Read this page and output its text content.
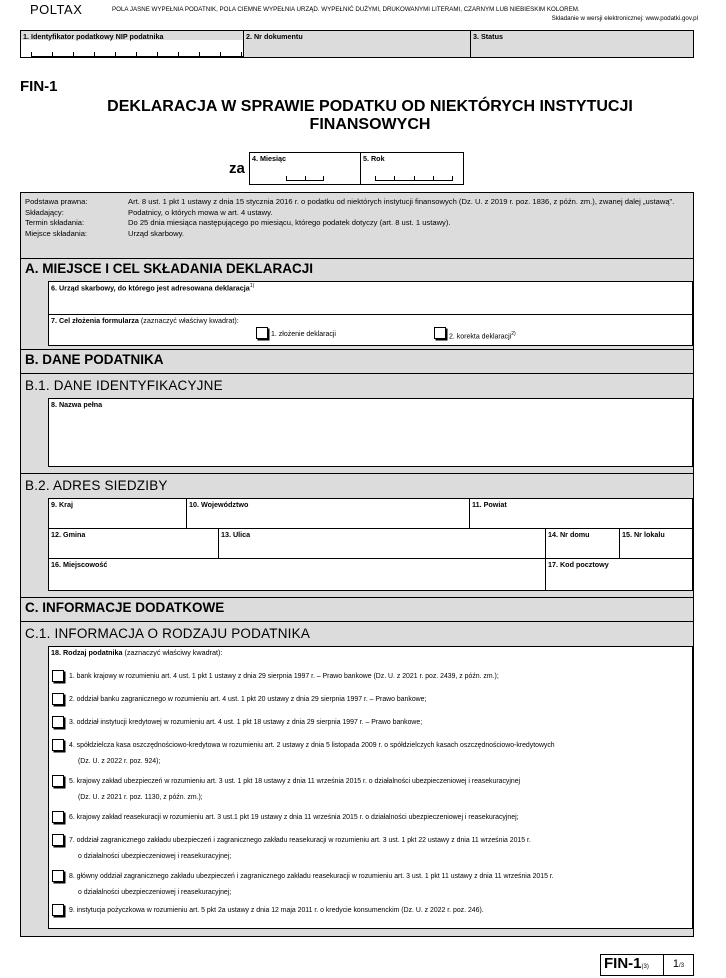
POLTAX	POLA JASNE WYPEŁNIA PODATNIK, POLA CIEMNE WYPEŁNIA URZĄD. WYPEŁNIĆ DUŻYMI, DRUKOWANYMI LITERAMI, CZARNYM LUB NIEBIESKIM KOLOREM.
Składanie w wersji elektronicznej: www.podatki.gov.pl
1. Identyfikator podatkowy NIP podatnika	2. Nr dokumentu	3. Status
FIN-1
DEKLARACJA W SPRAWIE PODATKU OD NIEKTÓRYCH INSTYTUCJI
FINANSOWYCH
za
4. Miesiąc	5. Rok
Podstawa prawna:	Art. 8 ust. 1 pkt 1 ustawy z dnia 15 stycznia 2016 r. o podatku od niektórych instytucji finansowych (Dz. U. z 2019 r. poz. 1836, z późn. zm.), zwanej dalej „ustawą”.
Składający:	Podatnicy, o których mowa w art. 4 ustawy.
Termin składania:	Do 25 dnia miesiąca następującego po miesiącu, którego podatek dotyczy (art. 8 ust. 1 ustawy).
Miejsce składania:	Urząd skarbowy.
A. MIEJSCE I CEL SKŁADANIA DEKLARACJI
6. Urząd skarbowy, do którego jest adresowana deklaracja$^{1)}$
7. Cel złożenia formularza (zaznaczyć właściwy kwadrat):
1. złożenie deklaracji	2. korekta deklaracji$^{2)}$
B. DANE PODATNIKA
B.1. DANE IDENTYFIKACYJNE
8. Nazwa pełna
B.2. ADRES SIEDZIBY
9. Kraj	10. Województwo	11. Powiat
12. Gmina	13. Ulica	14. Nr domu	15. Nr lokalu
16. Miejscowość	17. Kod pocztowy
C. INFORMACJE DODATKOWE
C.1. INFORMACJA O RODZAJU PODATNIKA
18. Rodzaj podatnika (zaznaczyć właściwy kwadrat):
1. bank krajowy w rozumieniu art. 4 ust. 1 pkt 1 ustawy z dnia 29 sierpnia 1997 r. – Prawo bankowe (Dz. U. z 2021 r. poz. 2439, z późn. zm.);
2. oddział banku zagranicznego w rozumieniu art. 4 ust. 1 pkt 20 ustawy z dnia 29 sierpnia 1997 r. – Prawo bankowe;
3. oddział instytucji kredytowej w rozumieniu art. 4 ust. 1 pkt 18 ustawy z dnia 29 sierpnia 1997 r. – Prawo bankowe;
4. spółdzielcza kasa oszczędnościowo-kredytowa w rozumieniu art. 2 ustawy z dnia 5 listopada 2009 r. o spółdzielczych kasach oszczędnościowo-kredytowych
(Dz. U. z 2022 r. poz. 924);
5. krajowy zakład ubezpieczeń w rozumieniu art. 3 ust. 1 pkt 18 ustawy z dnia 11 września 2015 r. o działalności ubezpieczeniowej i reasekuracyjnej
(Dz. U. z 2021 r. poz. 1130, z późn. zm.);
6. krajowy zakład reasekuracji w rozumieniu art. 3 ust.1 pkt 19 ustawy z dnia 11 września 2015 r. o działalności ubezpieczeniowej i reasekuracyjnej;
7. oddział zagranicznego zakładu ubezpieczeń i zagranicznego zakładu reasekuracji w rozumieniu art. 3 ust. 1 pkt 22 ustawy z dnia 11 września 2015 r.
o działalności ubezpieczeniowej i reasekuracyjnej;
8. główny oddział zagranicznego zakładu ubezpieczeń i zagranicznego zakładu reasekuracji w rozumieniu art. 3 ust. 1 pkt 11 ustawy z dnia 11 września 2015 r.
o działalności ubezpieczeniowej i reasekuracyjnej;
9. instytucja pożyczkowa w rozumieniu art. 5 pkt 2a ustawy z dnia 12 maja 2011 r. o kredycie konsumenckim (Dz. U. z 2022 r. poz. 246).
FIN-1(3)	1/3
